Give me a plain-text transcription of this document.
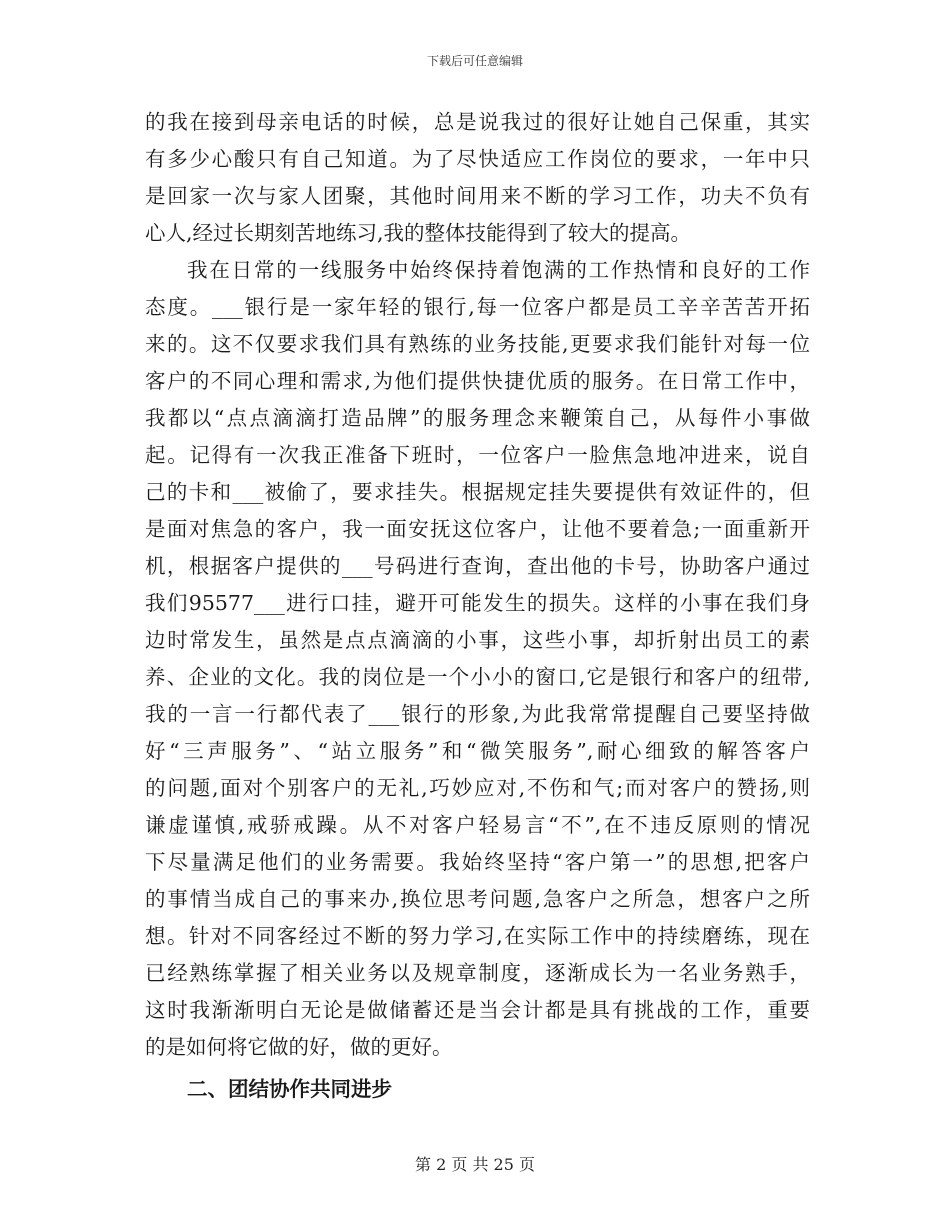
下载后可任意编辑
的我在接到母亲电话的时候，总是说我过的很好让她自己保重，其实
有多少心酸只有自己知道。为了尽快适应工作岗位的要求，一年中只
是回家一次与家人团聚，其他时间用来不断的学习工作，功夫不负有
心人,经过长期刻苦地练习,我的整体技能得到了较大的提高。
我在日常的一线服务中始终保持着饱满的工作热情和良好的工作
态度。___银行是一家年轻的银行,每一位客户都是员工辛辛苦苦开拓
来的。这不仅要求我们具有熟练的业务技能,更要求我们能针对每一位
客户的不同心理和需求,为他们提供快捷优质的服务。在日常工作中，
我都以“点点滴滴打造品牌”的服务理念来鞭策自己，从每件小事做
起。记得有一次我正准备下班时，一位客户一脸焦急地冲进来，说自
己的卡和___被偷了，要求挂失。根据规定挂失要提供有效证件的，但
是面对焦急的客户，我一面安抚这位客户，让他不要着急;一面重新开
机，根据客户提供的___号码进行查询，查出他的卡号，协助客户通过
我们95577___进行口挂，避开可能发生的损失。这样的小事在我们身
边时常发生，虽然是点点滴滴的小事，这些小事，却折射出员工的素
养、企业的文化。我的岗位是一个小小的窗口,它是银行和客户的纽带,
我的一言一行都代表了___银行的形象,为此我常常提醒自己要坚持做
好“三声服务”、“站立服务”和“微笑服务”,耐心细致的解答客户
的问题,面对个别客户的无礼,巧妙应对,不伤和气;而对客户的赞扬,则
谦虚谨慎,戒骄戒躁。从不对客户轻易言“不”,在不违反原则的情况
下尽量满足他们的业务需要。我始终坚持“客户第一”的思想,把客户
的事情当成自己的事来办,换位思考问题,急客户之所急，想客户之所
想。针对不同客经过不断的努力学习,在实际工作中的持续磨练，现在
已经熟练掌握了相关业务以及规章制度，逐渐成长为一名业务熟手，
这时我渐渐明白无论是做储蓄还是当会计都是具有挑战的工作，重要
的是如何将它做的好，做的更好。
二、团结协作共同进步
第 2 页 共 25 页
